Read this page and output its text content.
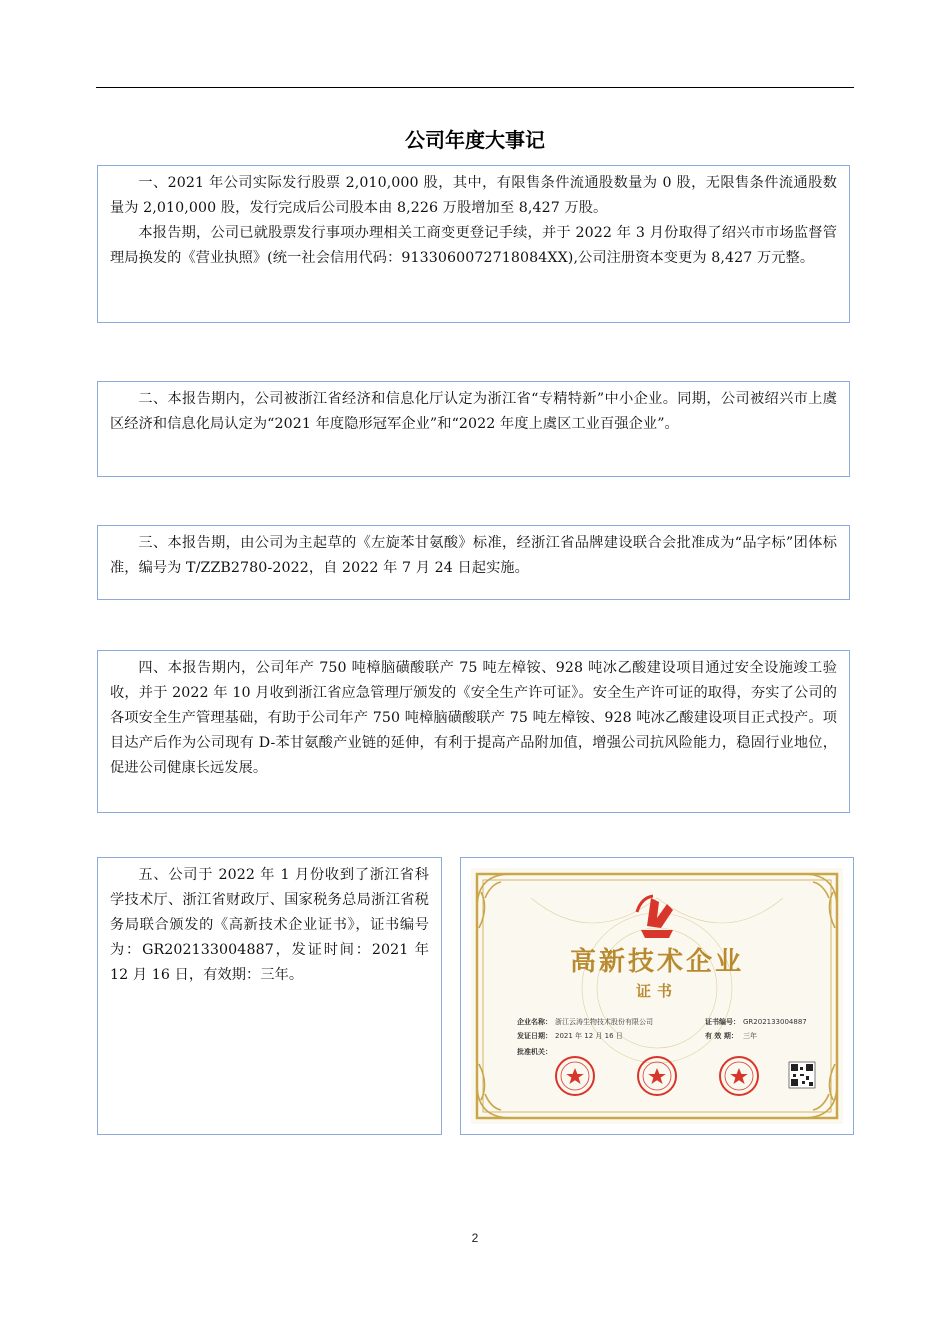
公司年度大事记

一、2021 年公司实际发行股票 2,010,000 股，其中，有限售条件流通股数量为 0 股，无限售条件流通股数量为 2,010,000 股，发行完成后公司股本由 8,226 万股增加至 8,427 万股。

本报告期，公司已就股票发行事项办理相关工商变更登记手续，并于 2022 年 3 月份取得了绍兴市市场监督管理局换发的《营业执照》(统一社会信用代码：9133060072718084XX),公司注册资本变更为 8,427 万元整。

二、本报告期内，公司被浙江省经济和信息化厅认定为浙江省“专精特新”中小企业。同期，公司被绍兴市上虞区经济和信息化局认定为“2021 年度隐形冠军企业”和“2022 年度上虞区工业百强企业”。

三、本报告期，由公司为主起草的《左旋苯甘氨酸》标准，经浙江省品牌建设联合会批准成为“品字标”团体标准，编号为 T/ZZB2780-2022，自 2022 年 7 月 24 日起实施。

四、本报告期内，公司年产 750 吨樟脑磺酸联产 75 吨左樟铵、928 吨冰乙酸建设项目通过安全设施竣工验收，并于 2022 年 10 月收到浙江省应急管理厅颁发的《安全生产许可证》。安全生产许可证的取得，夯实了公司的各项安全生产管理基础，有助于公司年产 750 吨樟脑磺酸联产 75 吨左樟铵、928 吨冰乙酸建设项目正式投产。项目达产后作为公司现有 D-苯甘氨酸产业链的延伸，有利于提高产品附加值，增强公司抗风险能力，稳固行业地位，促进公司健康长远发展。

五、公司于 2022 年 1 月份收到了浙江省科学技术厅、浙江省财政厅、国家税务总局浙江省税务局联合颁发的《高新技术企业证书》，证书编号为：GR202133004887，发证时间：2021 年 12 月 16 日，有效期：三年。	高新技术企业
证书
企业名称： 浙江云涛生物技术股份有限公司	证书编号： GR202133004887
发证日期： 2021 年 12 月 16 日	有 效 期： 三年
批准机关：
2
